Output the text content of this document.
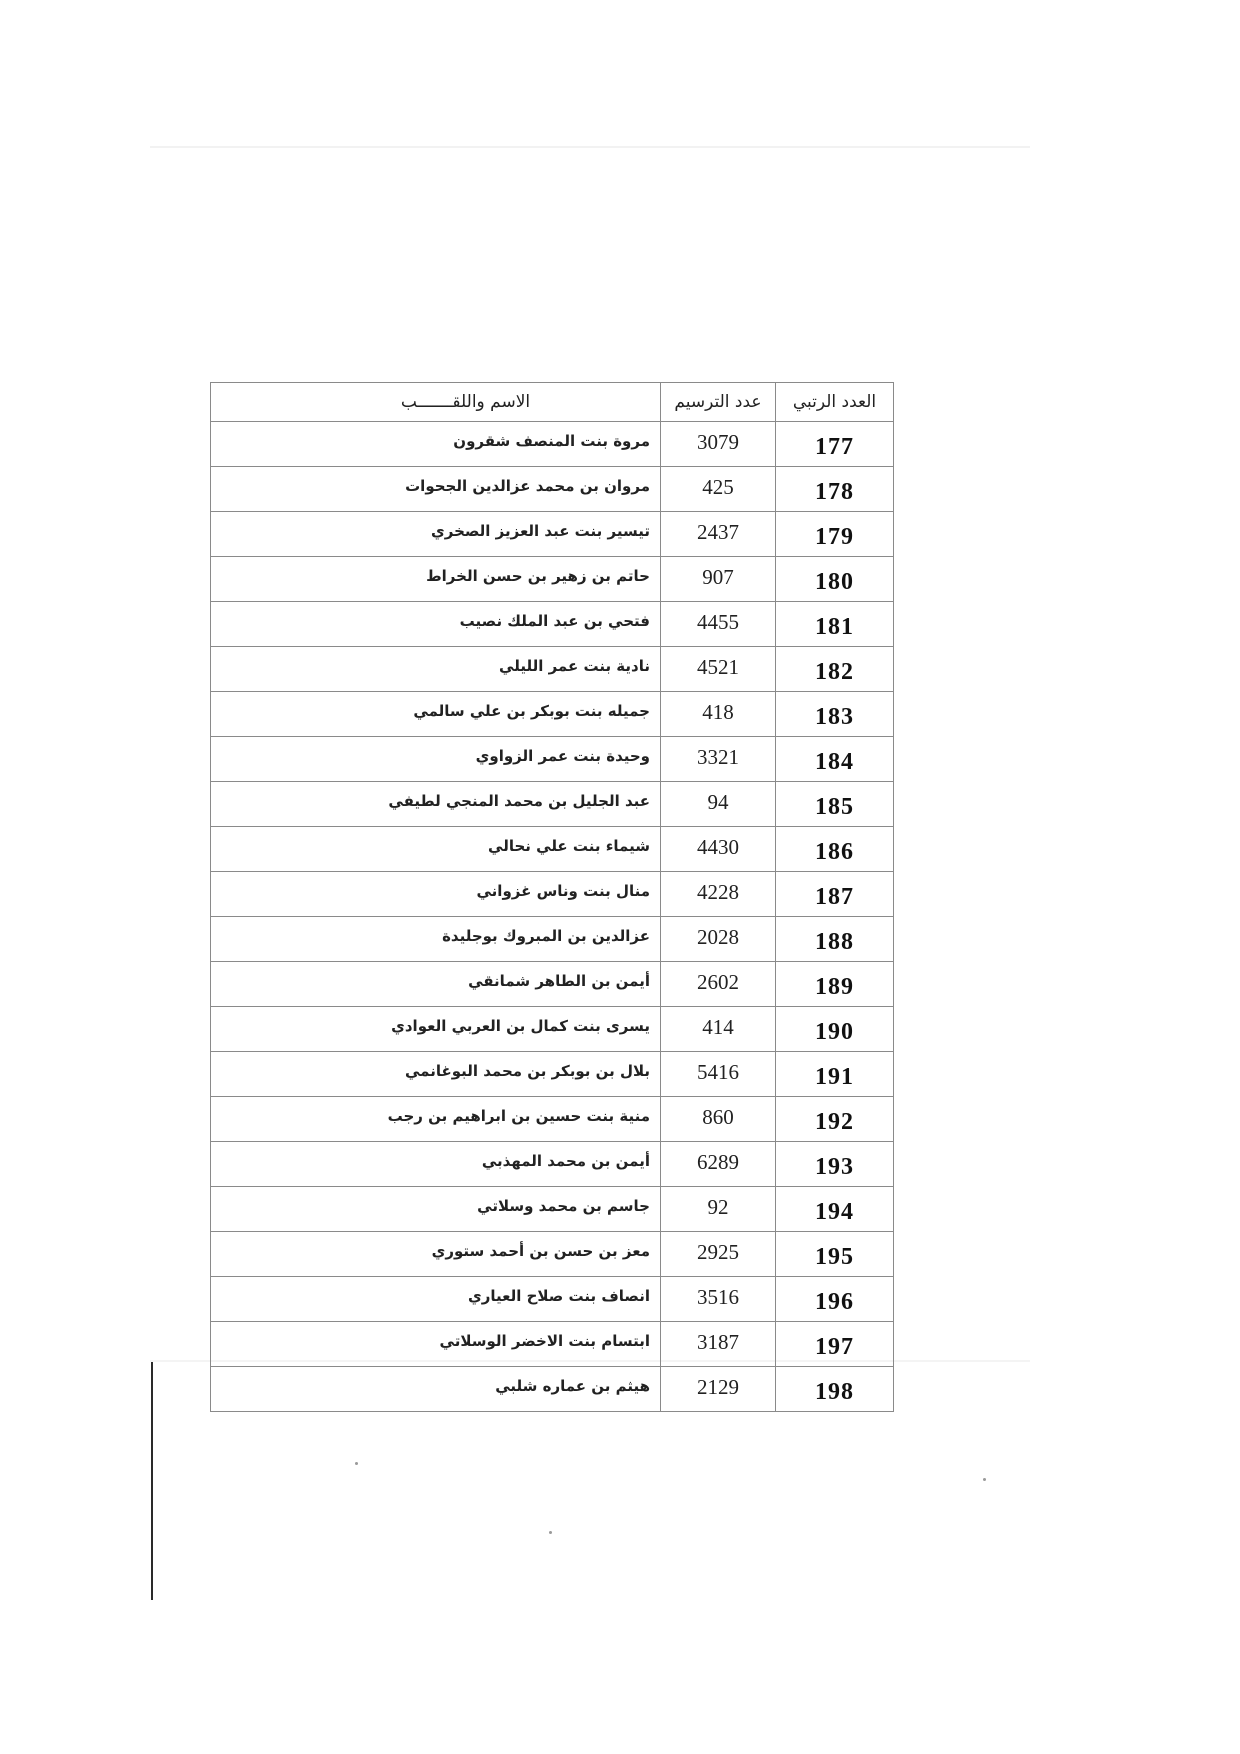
العدد الرتبي	عدد الترسيم	الاسم واللقـــــــب
177	3079	مروة بنت المنصف شقرون
178	425	مروان بن محمد عزالدين الجحوات
179	2437	تيسير بنت عبد العزيز الصخري
180	907	حاتم بن زهير بن حسن الخراط
181	4455	فتحي بن عبد الملك نصيب
182	4521	نادية بنت عمر الليلي
183	418	جميله بنت بوبكر بن علي سالمي
184	3321	وحيدة بنت عمر الزواوي
185	94	عبد الجليل بن محمد المنجي لطيفي
186	4430	شيماء بنت علي نحالي
187	4228	منال بنت وناس غزواني
188	2028	عزالدين بن المبروك بوجليدة
189	2602	أيمن بن الطاهر شمانقي
190	414	يسرى بنت كمال بن العربي العوادي
191	5416	بلال بن بوبكر بن محمد البوغانمي
192	860	منية بنت حسين بن ابراهيم بن رجب
193	6289	أيمن بن محمد المهذبي
194	92	جاسم بن محمد وسلاتي
195	2925	معز بن حسن بن أحمد ستوري
196	3516	انصاف بنت صلاح العياري
197	3187	ابتسام بنت الاخضر الوسلاتي
198	2129	هيثم بن عماره شلبي
